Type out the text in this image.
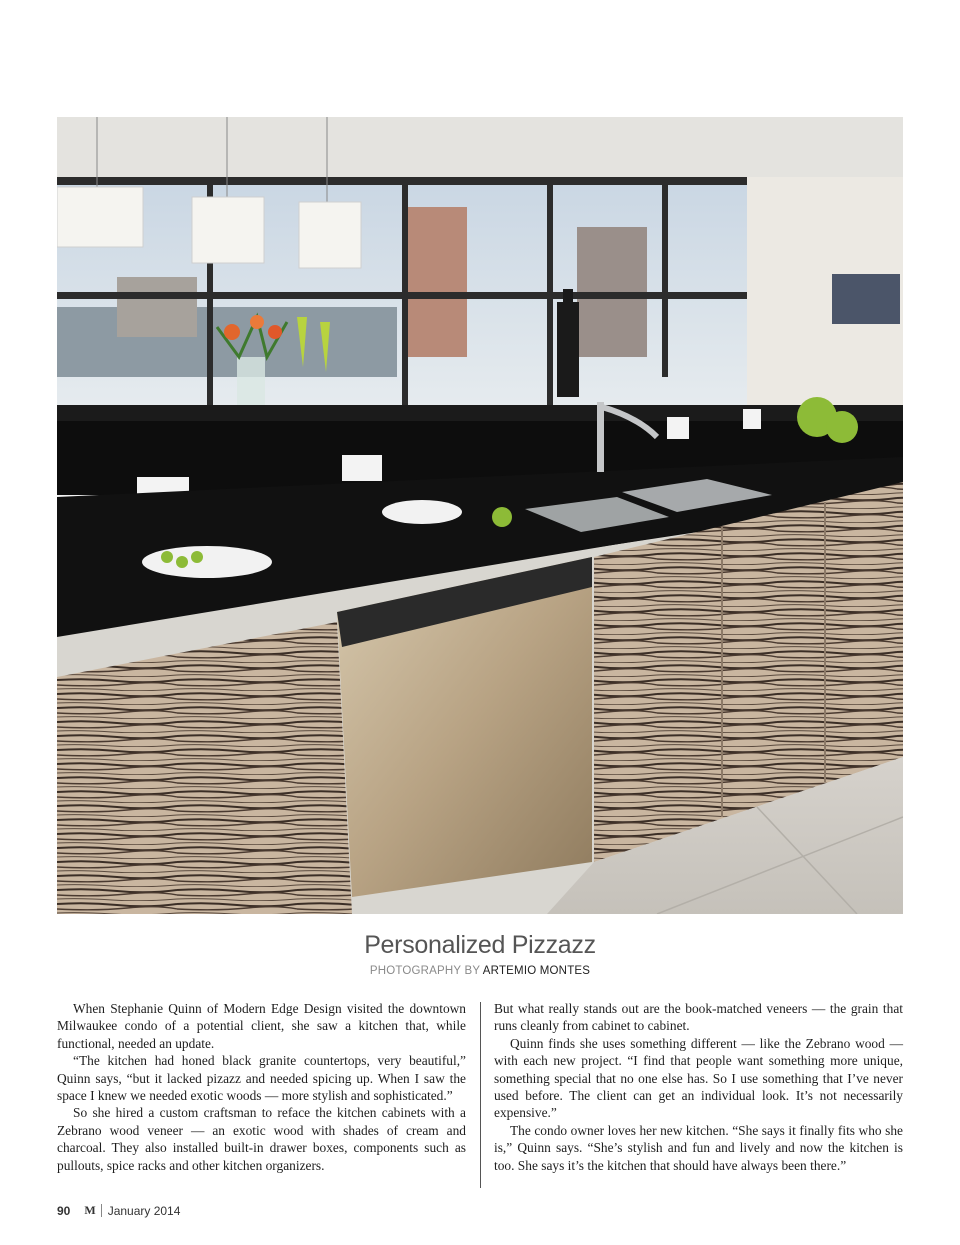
Personalized Pizzazz
PHOTOGRAPHY BY ARTEMIO MONTES

When Stephanie Quinn of Modern Edge Design visited the downtown Milwaukee condo of a potential client, she saw a kitchen that, while functional, needed an update.

“The kitchen had honed black granite countertops, very beautiful,” Quinn says, “but it lacked pizazz and needed spicing up. When I saw the space I knew we needed exotic woods — more stylish and sophisticated.”

So she hired a custom craftsman to reface the kitchen cabinets with a Zebrano wood veneer — an exotic wood with shades of cream and charcoal. They also installed built-in drawer boxes, components such as pullouts, spice racks and other kitchen organizers.

But what really stands out are the book-matched veneers — the grain that runs cleanly from cabinet to cabinet.

Quinn finds she uses something different — like the Zebrano wood — with each new project. “I find that people want something more unique, something special that no one else has. So I use something that I’ve never used before. The client can get an individual look. It’s not necessarily expensive.”

The condo owner loves her new kitchen. “She says it finally fits who she is,” Quinn says. “She’s stylish and fun and lively and now the kitchen is too. She says it’s the kitchen that should have always been there.”

90 M January 2014
